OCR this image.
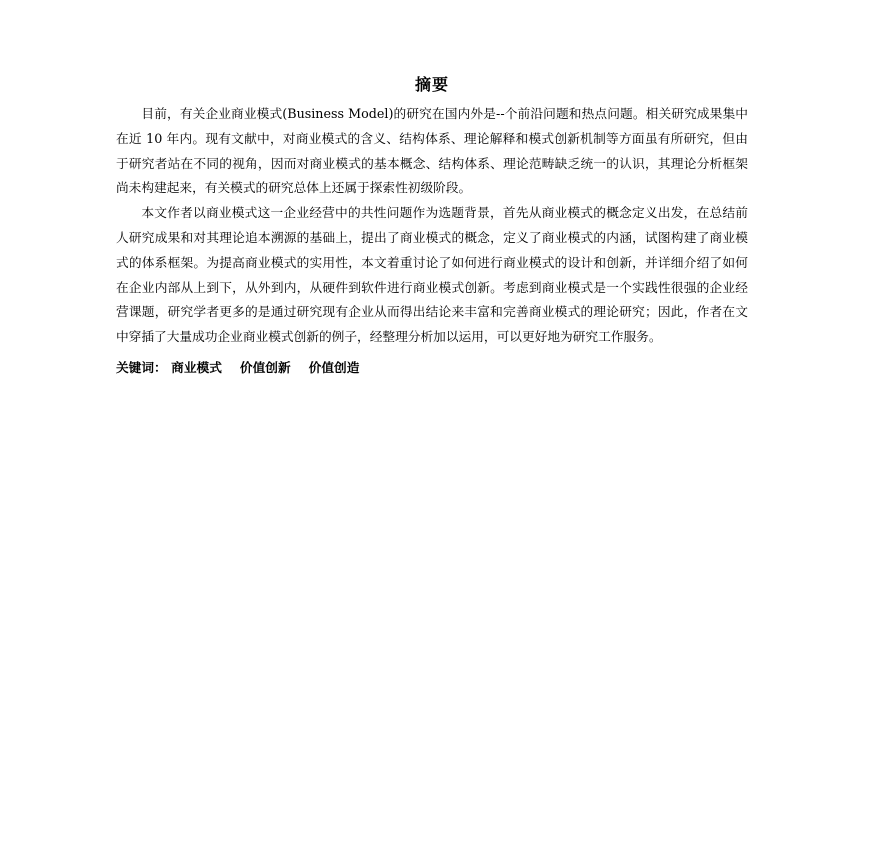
摘要

目前，有关企业商业模式(Business Model)的研究在国内外是--个前沿问题和热点问题。相关研究成果集中在近 10 年内。现有文献中，对商业模式的含义、结构体系、理论解释和模式创新机制等方面虽有所研究，但由于研究者站在不同的视角，因而对商业模式的基本概念、结构体系、理论范畴缺乏统一的认识，其理论分析框架尚未构建起来，有关模式的研究总体上还属于探索性初级阶段。

本文作者以商业模式这一企业经营中的共性问题作为选题背景，首先从商业模式的概念定义出发，在总结前人研究成果和对其理论追本溯源的基础上，提出了商业模式的概念，定义了商业模式的内涵，试图构建了商业模式的体系框架。为提高商业模式的实用性，本文着重讨论了如何进行商业模式的设计和创新，并详细介绍了如何在企业内部从上到下，从外到内，从硬件到软件进行商业模式创新。考虑到商业模式是一个实践性很强的企业经营课题，研究学者更多的是通过研究现有企业从而得出结论来丰富和完善商业模式的理论研究；因此，作者在文中穿插了大量成功企业商业模式创新的例子，经整理分析加以运用，可以更好地为研究工作服务。

关键词： 商业模式 价值创新 价值创造
